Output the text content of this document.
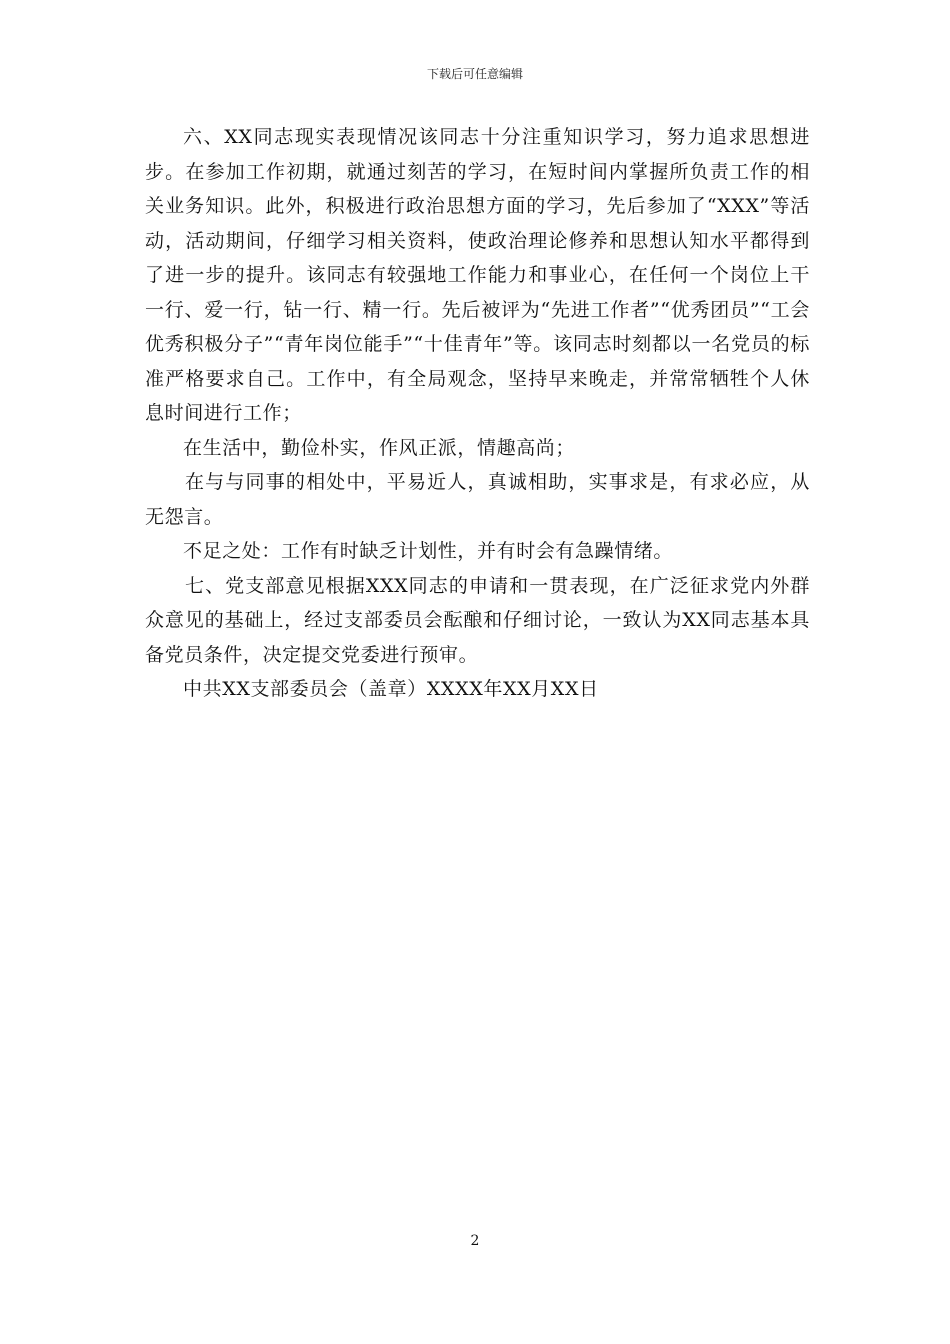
下载后可任意编辑

六、XX同志现实表现情况该同志十分注重知识学习，努力追求思想进步。在参加工作初期，就通过刻苦的学习，在短时间内掌握所负责工作的相关业务知识。此外，积极进行政治思想方面的学习，先后参加了“XXX”等活动，活动期间，仔细学习相关资料，使政治理论修养和思想认知水平都得到了进一步的提升。该同志有较强地工作能力和事业心，在任何一个岗位上干一行、爱一行，钻一行、精一行。先后被评为“先进工作者”“优秀团员”“工会优秀积极分子”“青年岗位能手”“十佳青年”等。该同志时刻都以一名党员的标准严格要求自己。工作中，有全局观念，坚持早来晚走，并常常牺牲个人休息时间进行工作；

在生活中，勤俭朴实，作风正派，情趣高尚；

在与与同事的相处中，平易近人，真诚相助，实事求是，有求必应，从无怨言。

不足之处：工作有时缺乏计划性，并有时会有急躁情绪。

七、党支部意见根据XXX同志的申请和一贯表现，在广泛征求党内外群众意见的基础上，经过支部委员会酝酿和仔细讨论，一致认为XX同志基本具备党员条件，决定提交党委进行预审。

中共XX支部委员会（盖章）XXXX年XX月XX日

2
